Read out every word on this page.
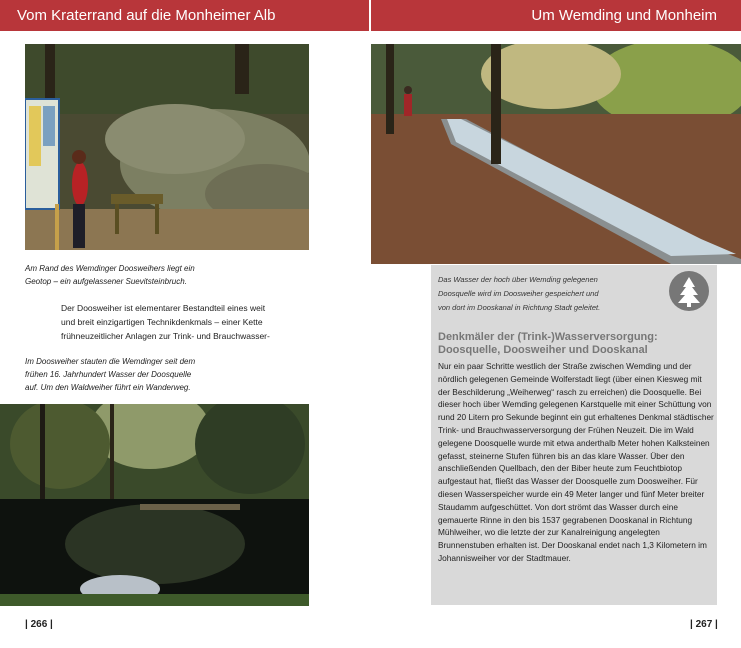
Vom Kraterrand auf die Monheimer Alb	Um Wemding und Monheim
Am Rand des Wemdinger Doosweihers liegt ein
Geotop – ein aufgelassener Suevitsteinbruch.
Der Doosweiher ist elementarer Bestandteil eines weit
und breit einzigartigen Technikdenkmals – einer Kette
frühneuzeitlicher Anlagen zur Trink- und Brauchwasser-
Im Doosweiher stauten die Wemdinger seit dem
frühen 16. Jahrhundert Wasser der Doosquelle
auf. Um den Waldweiher führt ein Wanderweg.
Das Wasser der hoch über Wemding gelegenen
Doosquelle wird im Doosweiher gespeichert und
von dort im Dooskanal in Richtung Stadt geleitet.
Denkmäler der (Trink-)Wasserversorgung:
Doosquelle, Doosweiher und Dooskanal
Nur ein paar Schritte westlich der Straße zwischen Wemding und der nördlich gelegenen Gemeinde Wolferstadt liegt (über einen Kiesweg mit der Beschilderung „Weiherweg“ rasch zu erreichen) die Doosquelle. Bei dieser hoch über Wemding gelegenen Karstquelle mit einer Schüttung von rund 20 Litern pro Sekunde beginnt ein gut erhaltenes Denkmal städtischer Trink- und Brauchwasserversorgung der Frühen Neuzeit. Die im Wald gelegene Doosquelle wurde mit etwa anderthalb Meter hohen Kalksteinen gefasst, steinerne Stufen führen bis an das klare Wasser. Über den anschließenden Quellbach, den der Biber heute zum Feuchtbiotop aufgestaut hat, fließt das Wasser der Doosquelle zum Doosweiher. Für diesen Wasserspeicher wurde ein 49 Meter langer und fünf Meter breiter Staudamm aufgeschüttet. Von dort strömt das Wasser durch eine gemauerte Rinne in den bis 1537 gegrabenen Dooskanal in Richtung Mühlweiher, wo die letzte der zur Kanalreinigung angelegten Brunnenstuben erhalten ist. Der Dooskanal endet nach 1,3 Kilometern im Johannisweiher vor der Stadtmauer.
| 266 |	| 267 |
